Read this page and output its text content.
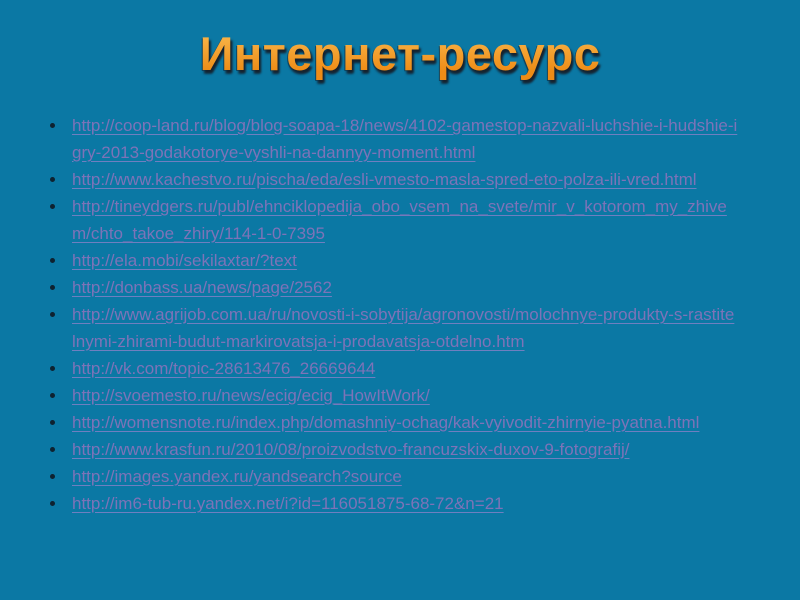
Интернет-ресурс
http://coop-land.ru/blog/blog-soapa-18/news/4102-gamestop-nazvali-luchshie-i-hudshie-igry-2013-godakotorye-vyshli-na-dannyy-moment.html
http://www.kachestvo.ru/pischa/eda/esli-vmesto-masla-spred-eto-polza-ili-vred.html
http://tineydgers.ru/publ/ehnciklopedija_obo_vsem_na_svete/mir_v_kotorom_my_zhivem/chto_takoe_zhiry/114-1-0-7395
http://ela.mobi/sekilaxtar/?text
http://donbass.ua/news/page/2562
http://www.agrijob.com.ua/ru/novosti-i-sobytija/agronovosti/molochnye-produkty-s-rastitelnymi-zhirami-budut-markirovatsja-i-prodavatsja-otdelno.htm
http://vk.com/topic-28613476_26669644
http://svoemesto.ru/news/ecig/ecig_HowItWork/
http://womensnote.ru/index.php/domashniy-ochag/kak-vyivodit-zhirnyie-pyatna.html
http://www.krasfun.ru/2010/08/proizvodstvo-francuzskix-duxov-9-fotografij/
http://images.yandex.ru/yandsearch?source
http://im6-tub-ru.yandex.net/i?id=116051875-68-72&n=21
